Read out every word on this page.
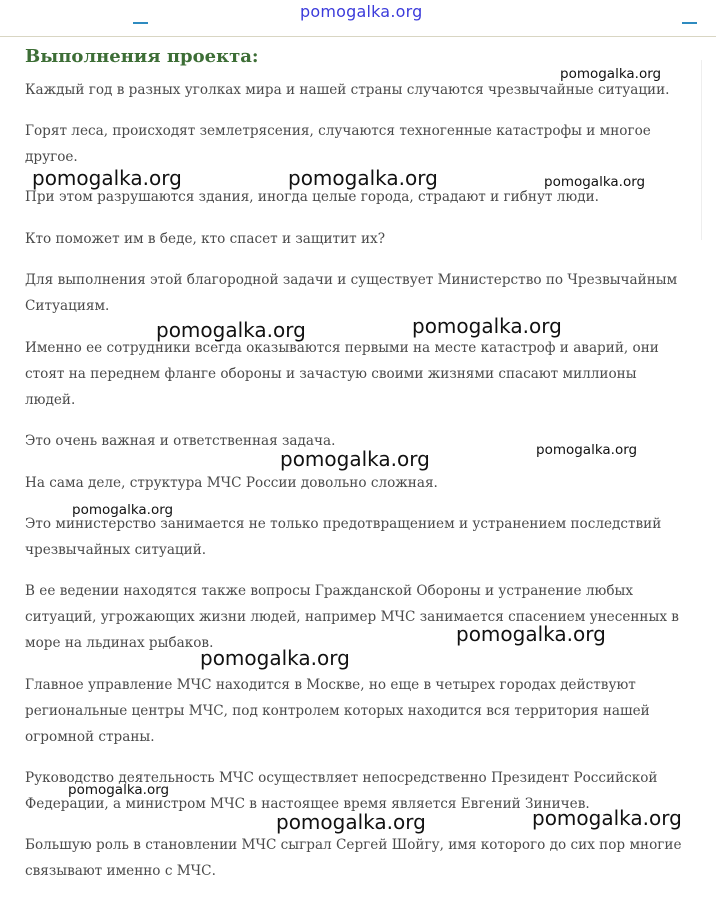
pomogalka.org
Выполнения проекта:

Каждый год в разных уголках мира и нашей страны случаются чрезвычайные ситуации.

Горят леса, происходят землетрясения, случаются техногенные катастрофы и многое
другое.

При этом разрушаются здания, иногда целые города, страдают и гибнут люди.

Кто поможет им в беде, кто спасет и защитит их?

Для выполнения этой благородной задачи и существует Министерство по Чрезвычайным
Ситуациям.

Именно ее сотрудники всегда оказываются первыми на месте катастроф и аварий, они
стоят на переднем фланге обороны и зачастую своими жизнями спасают миллионы
людей.

Это очень важная и ответственная задача.

На сама деле, структура МЧС России довольно сложная.

Это министерство занимается не только предотвращением и устранением последствий
чрезвычайных ситуаций.

В ее ведении находятся также вопросы Гражданской Обороны и устранение любых
ситуаций, угрожающих жизни людей, например МЧС занимается спасением унесенных в
море на льдинах рыбаков.

Главное управление МЧС находится в Москве, но еще в четырех городах действуют
региональные центры МЧС, под контролем которых находится вся территория нашей
огромной страны.

Руководство деятельность МЧС осуществляет непосредственно Президент Российской
Федерации, а министром МЧС в настоящее время является Евгений Зиничев.

Большую роль в становлении МЧС сыграл Сергей Шойгу, имя которого до сих пор многие
связывают именно с МЧС.

pomogalka.org
pomogalka.org	pomogalka.org	pomogalka.org
pomogalka.org	pomogalka.org
pomogalka.org	pomogalka.org
pomogalka.org
pomogalka.org
pomogalka.org
pomogalka.org
pomogalka.org	pomogalka.org
